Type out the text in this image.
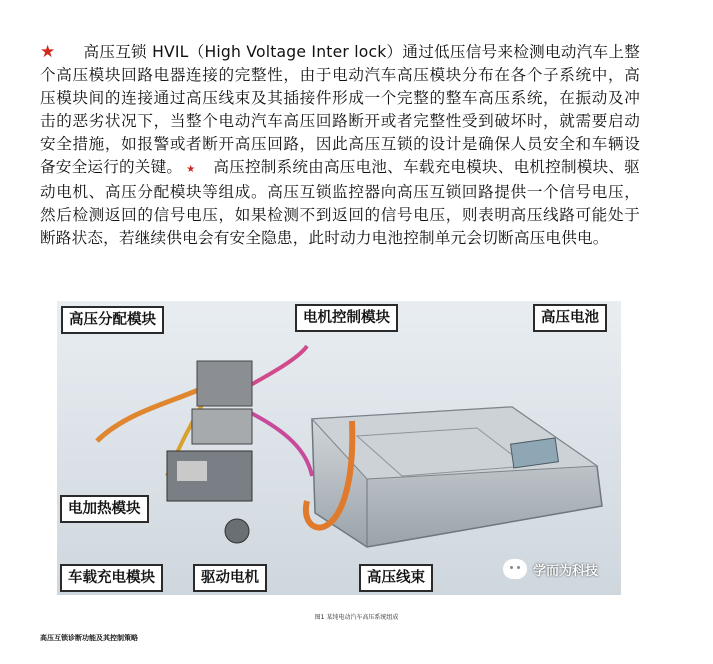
★ 高压互锁 HVIL（High Voltage Inter lock）通过低压信号来检测电动汽车上整个高压模块回路电器连接的完整性，由于电动汽车高压模块分布在各个子系统中，高压模块间的连接通过高压线束及其插接件形成一个完整的整车高压系统，在振动及冲击的恶劣状况下，当整个电动汽车高压回路断开或者完整性受到破坏时，就需要启动安全措施，如报警或者断开高压回路，因此高压互锁的设计是确保人员安全和车辆设备安全运行的关键。 ★ 高压控制系统由高压电池、车载充电模块、电机控制模块、驱动电机、高压分配模块等组成。高压互锁监控器向高压互锁回路提供一个信号电压，然后检测返回的信号电压，如果检测不到返回的信号电压，则表明高压线路可能处于断路状态，若继续供电会有安全隐患，此时动力电池控制单元会切断高压电供电。

高压分配模块	电机控制模块	高压电池
电加热模块
车载充电模块	驱动电机	高压线束	学而为科技

图1 某纯电动汽车高压系统组成

高压互锁诊断功能及其控制策略
